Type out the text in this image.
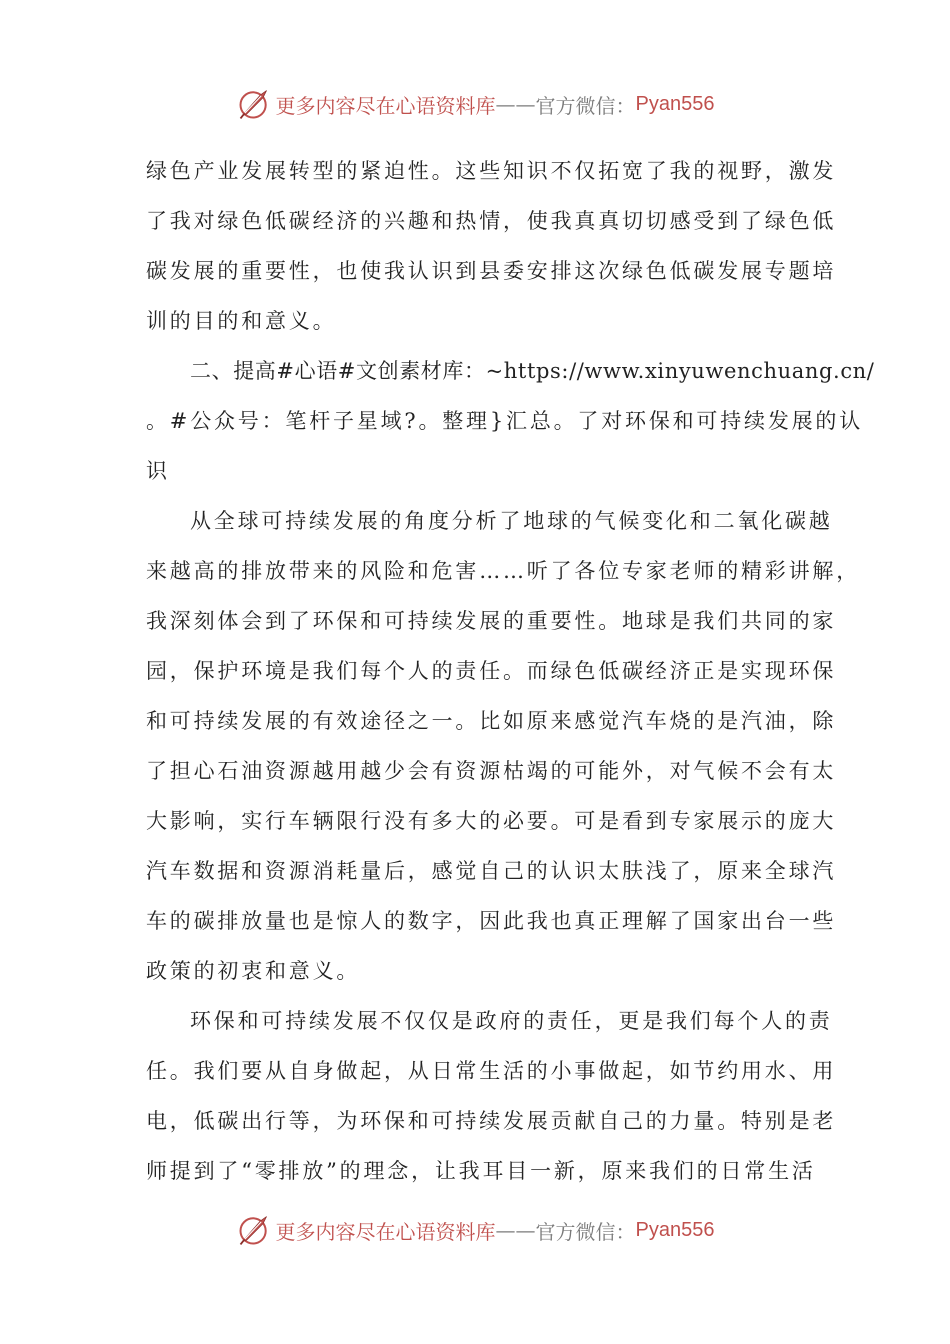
更多内容尽在心语资料库 —— 官方微信： Pyan556
绿色产业发展转型的紧迫性。这些知识不仅拓宽了我的视野，激发
了我对绿色低碳经济的兴趣和热情，使我真真切切感受到了绿色低
碳发展的重要性，也使我认识到县委安排这次绿色低碳发展专题培
训的目的和意义。
二、提高#心语#文创素材库：~https://www.xinyuwenchuang.cn/
。#公众号：笔杆子星域?。整理}汇总。了对环保和可持续发展的认
识
从全球可持续发展的角度分析了地球的气候变化和二氧化碳越
来越高的排放带来的风险和危害……听了各位专家老师的精彩讲解，
我深刻体会到了环保和可持续发展的重要性。地球是我们共同的家
园，保护环境是我们每个人的责任。而绿色低碳经济正是实现环保
和可持续发展的有效途径之一。比如原来感觉汽车烧的是汽油，除
了担心石油资源越用越少会有资源枯竭的可能外，对气候不会有太
大影响，实行车辆限行没有多大的必要。可是看到专家展示的庞大
汽车数据和资源消耗量后，感觉自己的认识太肤浅了，原来全球汽
车的碳排放量也是惊人的数字，因此我也真正理解了国家出台一些
政策的初衷和意义。
环保和可持续发展不仅仅是政府的责任，更是我们每个人的责
任。我们要从自身做起，从日常生活的小事做起，如节约用水、用
电，低碳出行等，为环保和可持续发展贡献自己的力量。特别是老
师提到了“零排放”的理念，让我耳目一新，原来我们的日常生活
更多内容尽在心语资料库 —— 官方微信： Pyan556
